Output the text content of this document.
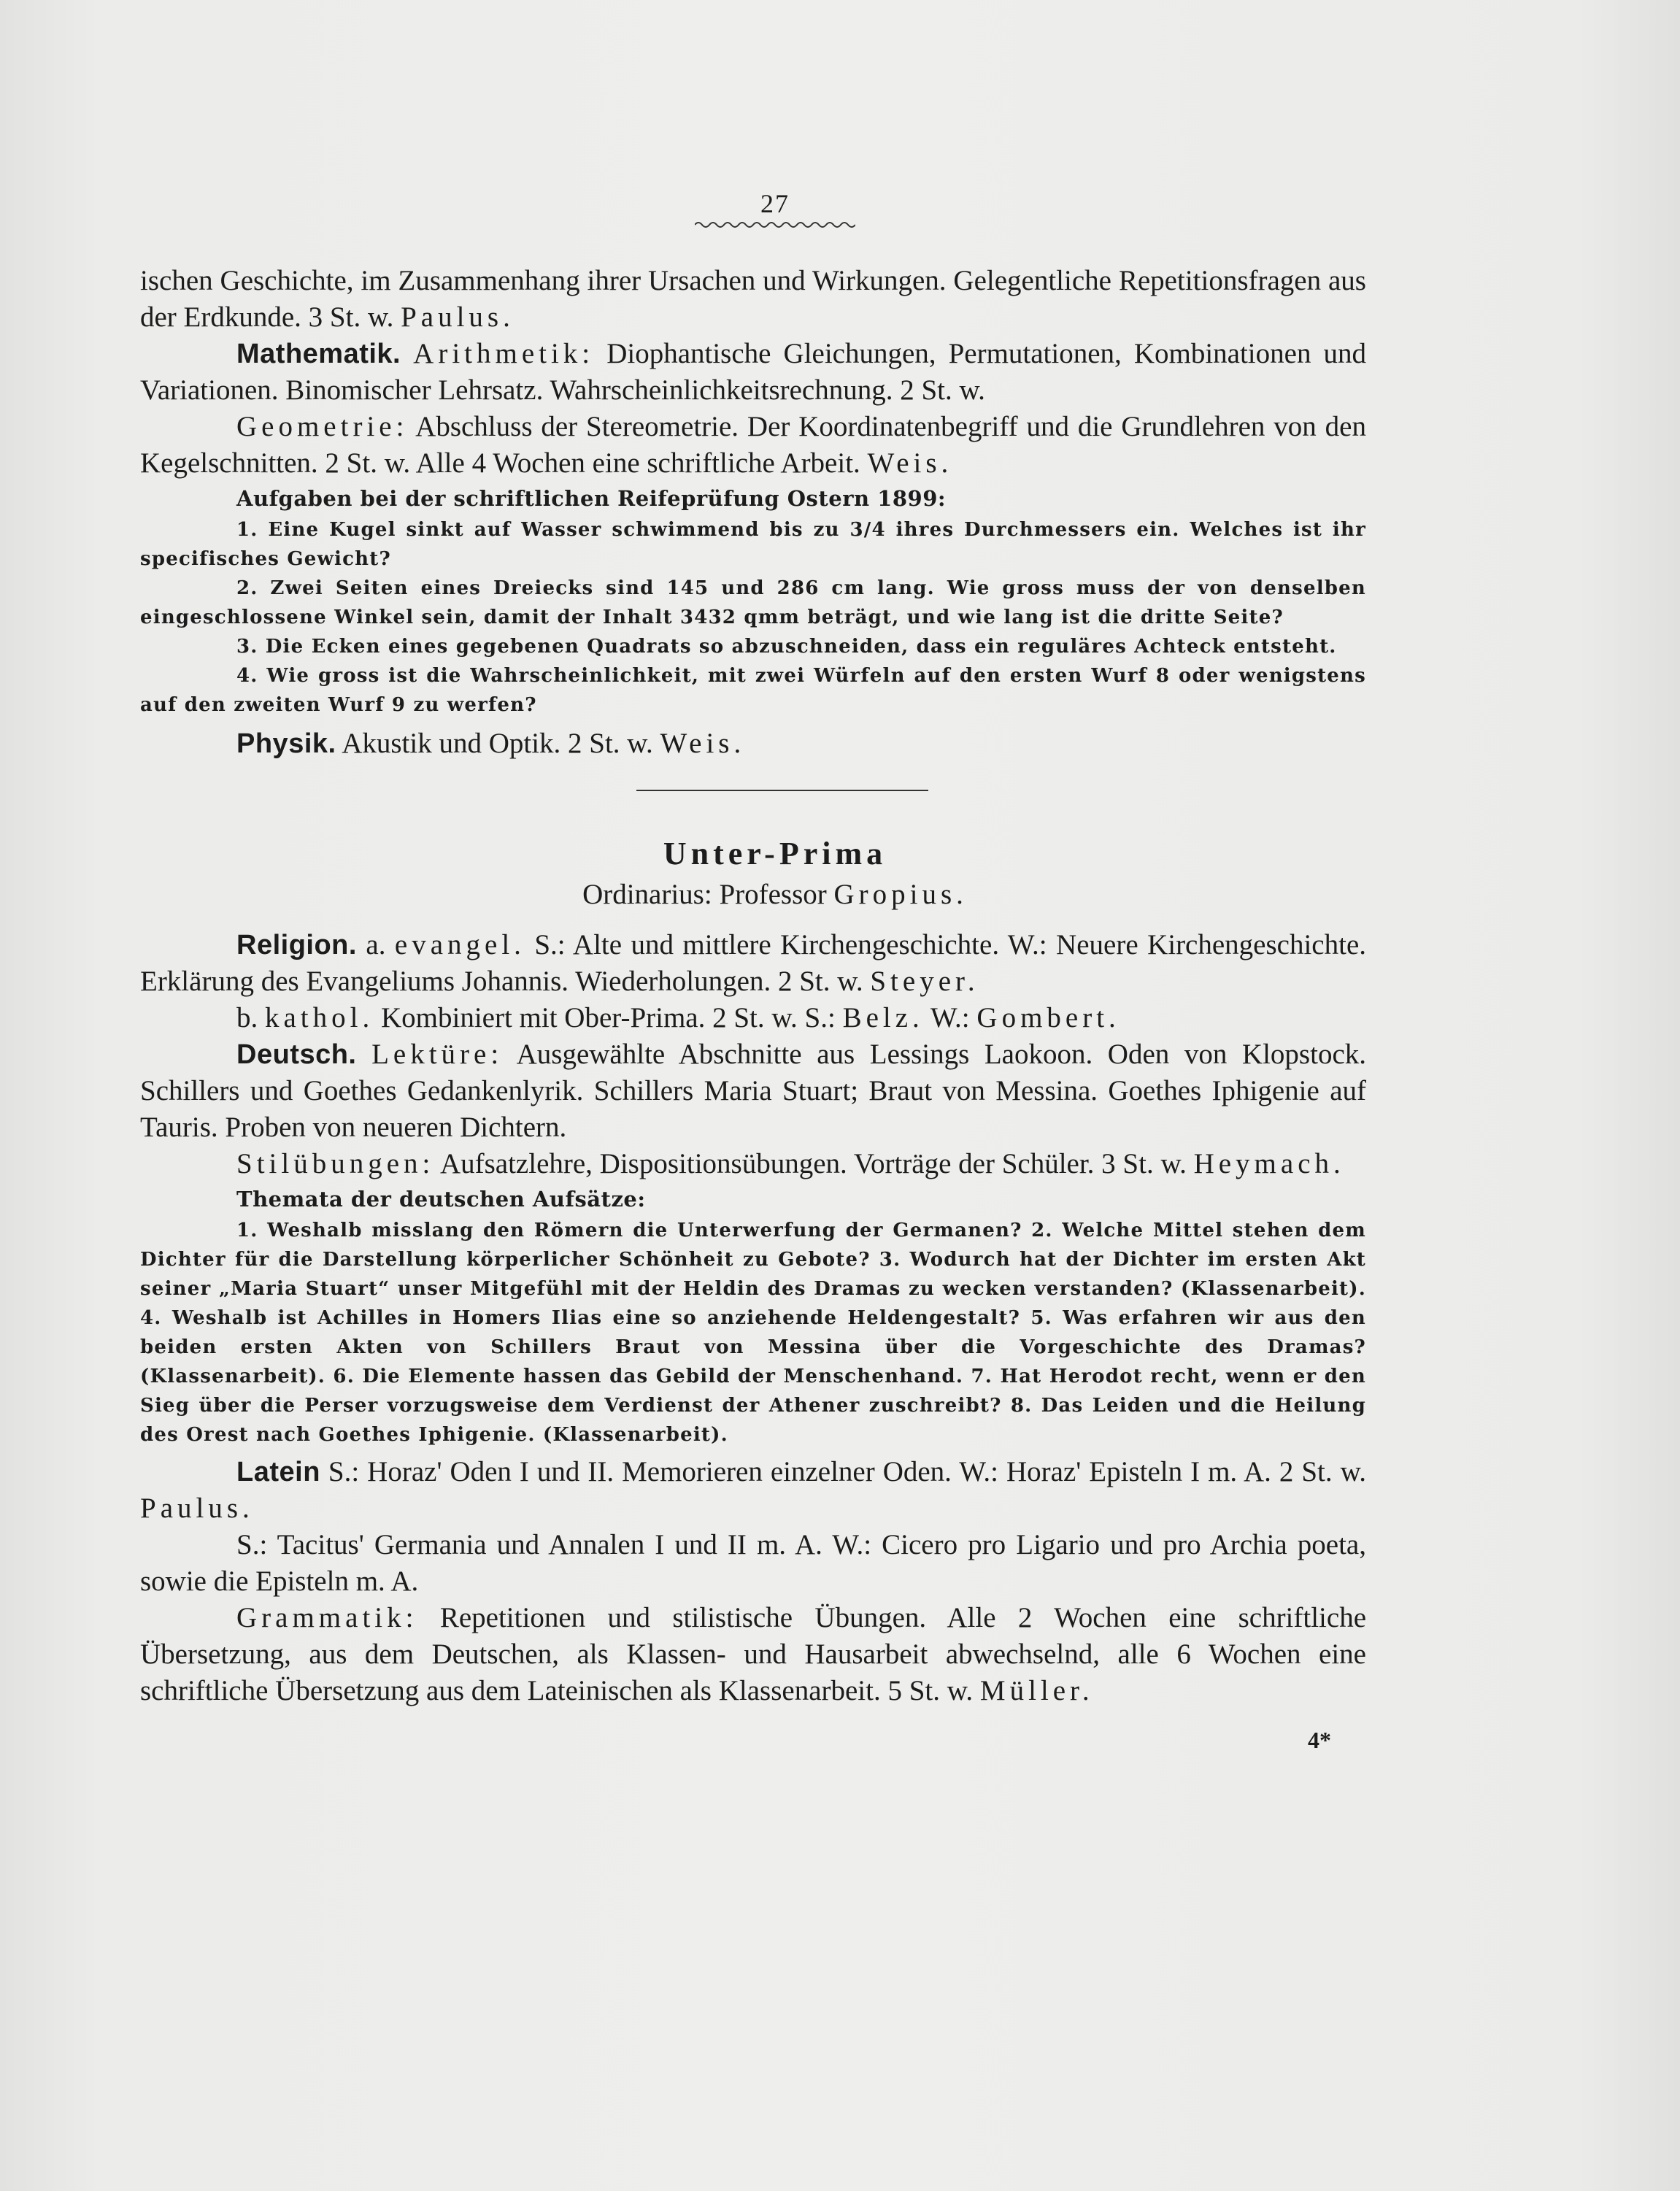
27

ischen Geschichte, im Zusammenhang ihrer Ursachen und Wirkungen. Gelegentliche Repetitionsfragen aus der Erdkunde. 3 St. w. Paulus.

Mathematik. Arithmetik: Diophantische Gleichungen, Permutationen, Kombinationen und Variationen. Binomischer Lehrsatz. Wahrscheinlichkeitsrechnung. 2 St. w.

Geometrie: Abschluss der Stereometrie. Der Koordinatenbegriff und die Grundlehren von den Kegelschnitten. 2 St. w. Alle 4 Wochen eine schriftliche Arbeit. Weis.

Aufgaben bei der schriftlichen Reifeprüfung Ostern 1899:

1. Eine Kugel sinkt auf Wasser schwimmend bis zu 3/4 ihres Durchmessers ein. Welches ist ihr specifisches Gewicht?

2. Zwei Seiten eines Dreiecks sind 145 und 286 cm lang. Wie gross muss der von denselben eingeschlossene Winkel sein, damit der Inhalt 3432 qmm beträgt, und wie lang ist die dritte Seite?

3. Die Ecken eines gegebenen Quadrats so abzuschneiden, dass ein reguläres Achteck entsteht.

4. Wie gross ist die Wahrscheinlichkeit, mit zwei Würfeln auf den ersten Wurf 8 oder wenigstens auf den zweiten Wurf 9 zu werfen?

Physik. Akustik und Optik. 2 St. w. Weis.

Unter-Prima
Ordinarius: Professor Gropius.

Religion. a. evangel. S.: Alte und mittlere Kirchengeschichte. W.: Neuere Kirchengeschichte. Erklärung des Evangeliums Johannis. Wiederholungen. 2 St. w. Steyer.

b. kathol. Kombiniert mit Ober-Prima. 2 St. w. S.: Belz. W.: Gombert.

Deutsch. Lektüre: Ausgewählte Abschnitte aus Lessings Laokoon. Oden von Klopstock. Schillers und Goethes Gedankenlyrik. Schillers Maria Stuart; Braut von Messina. Goethes Iphigenie auf Tauris. Proben von neueren Dichtern.

Stilübungen: Aufsatzlehre, Dispositionsübungen. Vorträge der Schüler. 3 St. w. Heymach.

Themata der deutschen Aufsätze:

1. Weshalb misslang den Römern die Unterwerfung der Germanen? 2. Welche Mittel stehen dem Dichter für die Darstellung körperlicher Schönheit zu Gebote? 3. Wodurch hat der Dichter im ersten Akt seiner „Maria Stuart“ unser Mitgefühl mit der Heldin des Dramas zu wecken verstanden? (Klassenarbeit). 4. Weshalb ist Achilles in Homers Ilias eine so anziehende Heldengestalt? 5. Was erfahren wir aus den beiden ersten Akten von Schillers Braut von Messina über die Vorgeschichte des Dramas? (Klassenarbeit). 6. Die Elemente hassen das Gebild der Menschenhand. 7. Hat Herodot recht, wenn er den Sieg über die Perser vorzugsweise dem Verdienst der Athener zuschreibt? 8. Das Leiden und die Heilung des Orest nach Goethes Iphigenie. (Klassenarbeit).

Latein S.: Horaz' Oden I und II. Memorieren einzelner Oden. W.: Horaz' Episteln I m. A. 2 St. w. Paulus.

S.: Tacitus' Germania und Annalen I und II m. A. W.: Cicero pro Ligario und pro Archia poeta, sowie die Episteln m. A.

Grammatik: Repetitionen und stilistische Übungen. Alle 2 Wochen eine schriftliche Übersetzung, aus dem Deutschen, als Klassen- und Hausarbeit abwechselnd, alle 6 Wochen eine schriftliche Übersetzung aus dem Lateinischen als Klassenarbeit. 5 St. w. Müller.

4*
